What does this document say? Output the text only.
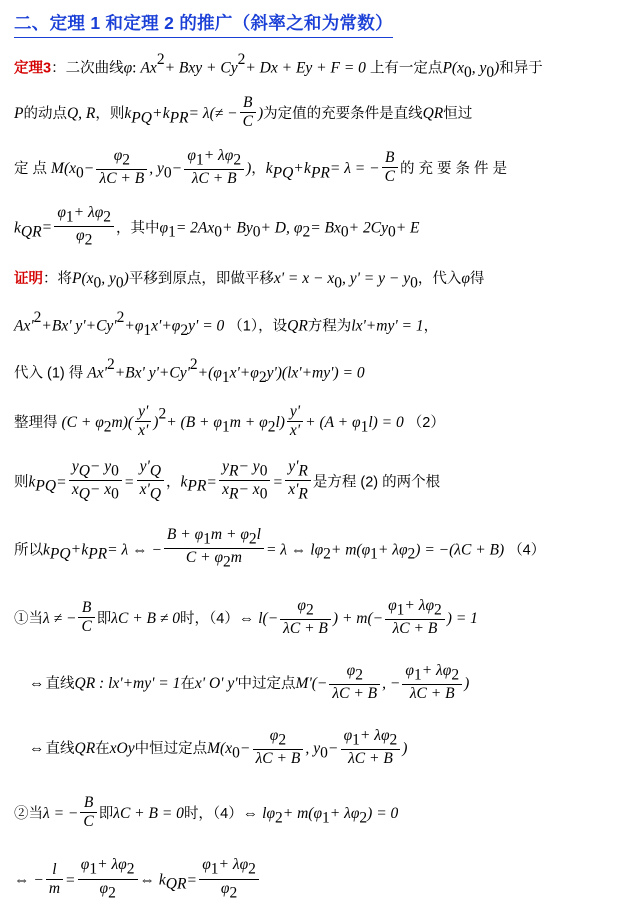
二、定理 1 和定理 2 的推广（斜率之和为常数）
定理3：二次曲线φ: $Ax^2+$ Bxy + $Cy^2+ Dx + Ey + F = 0$ 上有一定点$P(x_0$, $y_0$)和异于
P的动点Q, R，则$k_{PQ}+k_{PR}= \lambda(\ne - \frac{B}{C}$ )为定值的充要条件是直线QR恒过
定 点 $M(x_0- \frac{\varphi_2}{\lambda C + B}$ , $y_0- \frac{\varphi_1+ \lambda\varphi_2}{\lambda C + B}$ )，$k_{PQ}+k_{PR}= \lambda$ = − $\frac{B}{C}$ 的 充 要 条 件 是
$k_{QR}= \frac{\varphi_1+ \lambda\varphi_2}{\varphi_2}$ ，其中$\varphi_1= 2Ax_0+ By_0+ D$, $\varphi_2= Bx_0+ 2Cy_0+ E$
证明：将$P(x_0$, $y_0$)平移到原点，即做平移$x' = x - x_0$, $y' = y - y_0$，代入φ得
$Ax'^2+Bx'$ $y'+Cy'^2+\varphi_1x'+\varphi_2y' = 0$ （1），设QR方程为lx'+my' = 1，
代入 (1) 得 $Ax'^2+Bx'$ $y'+Cy'^2+(\varphi_1x'+\varphi_2y')(lx'+my') = 0$
整理得 $(C + \varphi_2m)( \frac{y'}{x'} )^2+ (B + \varphi_1m + \varphi_2l) \frac{y'}{x'} + (A + \varphi_1l) = 0$ （2）
则$k_{PQ}= \frac{y_Q- y_0}{x_Q- x_0} = \frac{y'_Q}{x'_Q}$ ，$k_{PR}= \frac{y_R- y_0}{x_R- x_0} = \frac{y'_R}{x'_R}$ 是方程 (2) 的两个根
所以$k_{PQ}+k_{PR}= \lambda$ ⇔ − $\frac{B + \varphi_1m + \varphi_2l}{C + \varphi_2m} = \lambda$ ⇔ $l\varphi_2+ m(\varphi_1+ \lambda\varphi_2) = -(\lambda C + B)$ （4）
①当λ ≠ − $\frac{B}{C}$ 即λC + B ≠ 0时，（4）⇔ $l(- \frac{\varphi_2}{\lambda C + B}$ ) + $m(- \frac{\varphi_1+ \lambda\varphi_2}{\lambda C + B}$ ) = 1
⇔直线QR : lx'+my' = 1在x' O' y'中过定点$M'(- \frac{\varphi_2}{\lambda C + B}$ , − $\frac{\varphi_1+ \lambda\varphi_2}{\lambda C + B}$ )
⇔直线QR在xOy中恒过定点$M(x_0- \frac{\varphi_2}{\lambda C + B}$ , $y_0- \frac{\varphi_1+ \lambda\varphi_2}{\lambda C + B}$ )
②当λ = − $\frac{B}{C}$ 即λC + B = 0时，（4）⇔ $l\varphi_2+ m(\varphi_1+ \lambda\varphi_2) = 0$
⇔ − $\frac{l}{m} = \frac{\varphi_1+ \lambda\varphi_2}{\varphi_2}$ ⇔ $k_{QR}= \frac{\varphi_1+ \lambda\varphi_2}{\varphi_2}$
